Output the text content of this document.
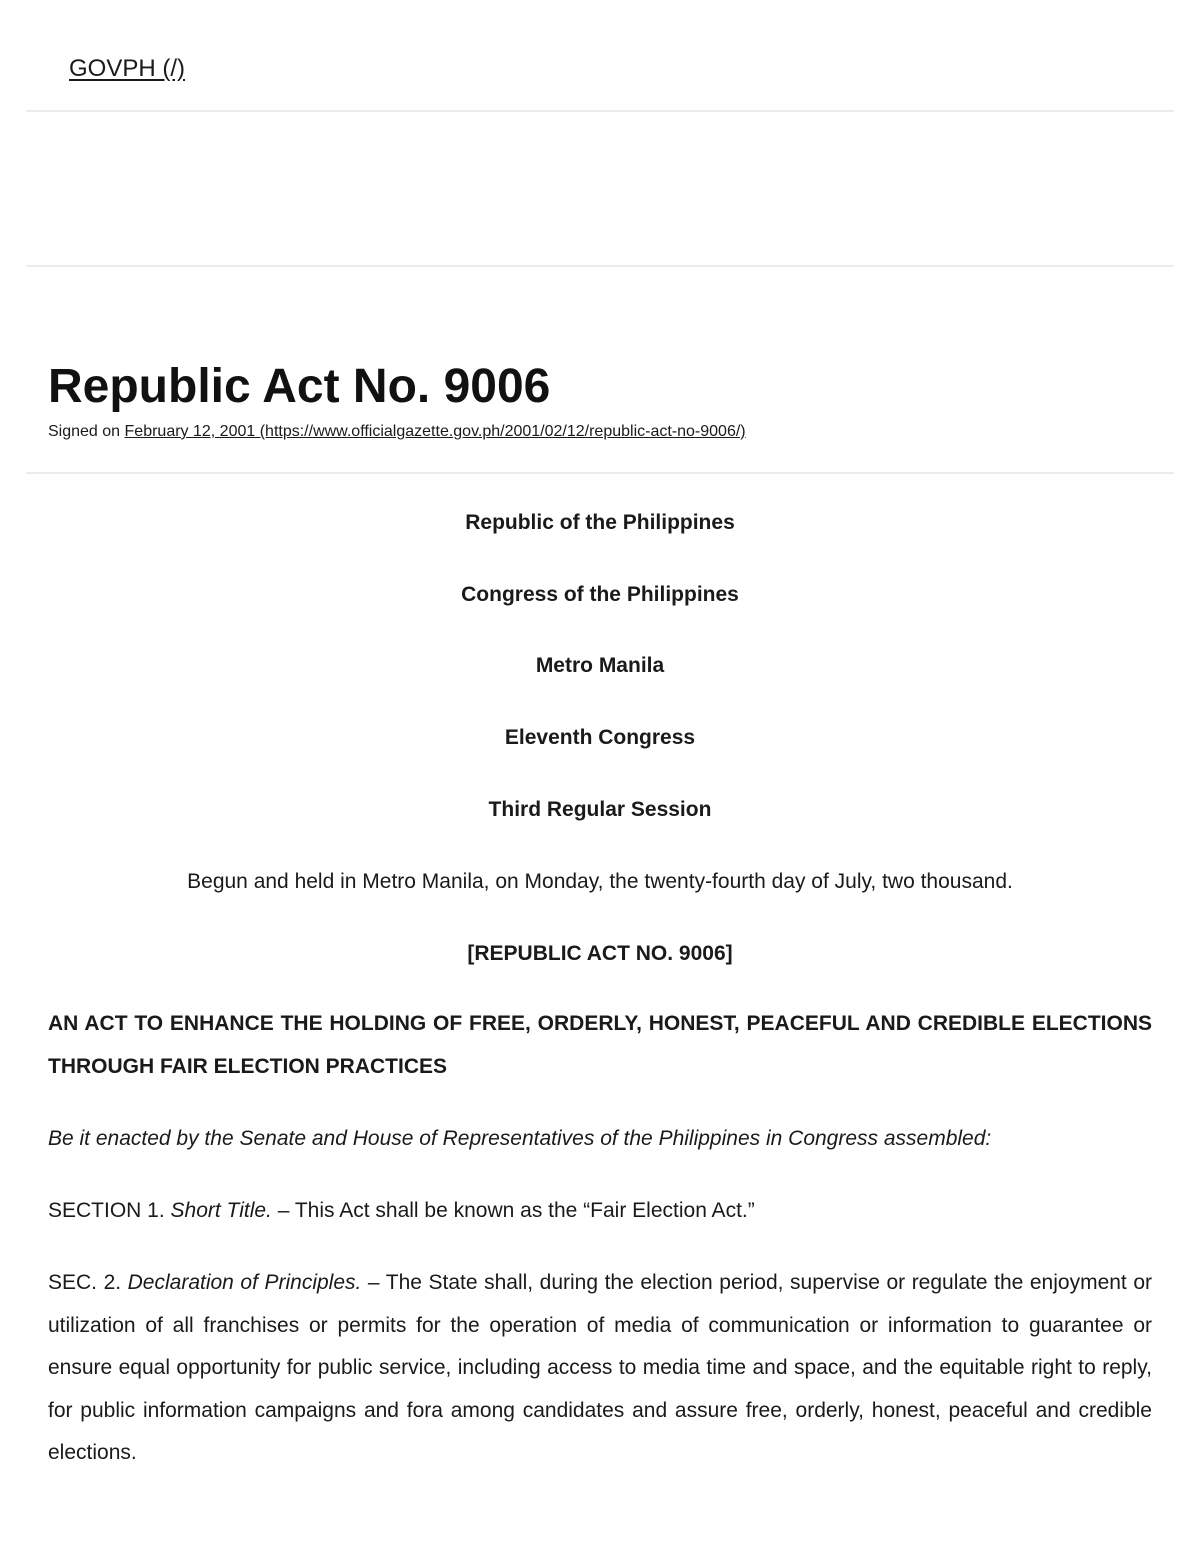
GOVPH (/)
Republic Act No. 9006
Signed on February 12, 2001 (https://www.officialgazette.gov.ph/2001/02/12/republic-act-no-9006/)
Republic of the Philippines
Congress of the Philippines
Metro Manila
Eleventh Congress
Third Regular Session
Begun and held in Metro Manila, on Monday, the twenty-fourth day of July, two thousand.
[REPUBLIC ACT NO. 9006]

AN ACT TO ENHANCE THE HOLDING OF FREE, ORDERLY, HONEST, PEACEFUL AND CREDIBLE ELECTIONS THROUGH FAIR ELECTION PRACTICES

Be it enacted by the Senate and House of Representatives of the Philippines in Congress assembled:

SECTION 1. Short Title. – This Act shall be known as the “Fair Election Act.”

SEC. 2. Declaration of Principles. – The State shall, during the election period, supervise or regulate the enjoyment or utilization of all franchises or permits for the operation of media of communication or information to guarantee or ensure equal opportunity for public service, including access to media time and space, and the equitable right to reply, for public information campaigns and fora among candidates and assure free, orderly, honest, peaceful and credible elections.
